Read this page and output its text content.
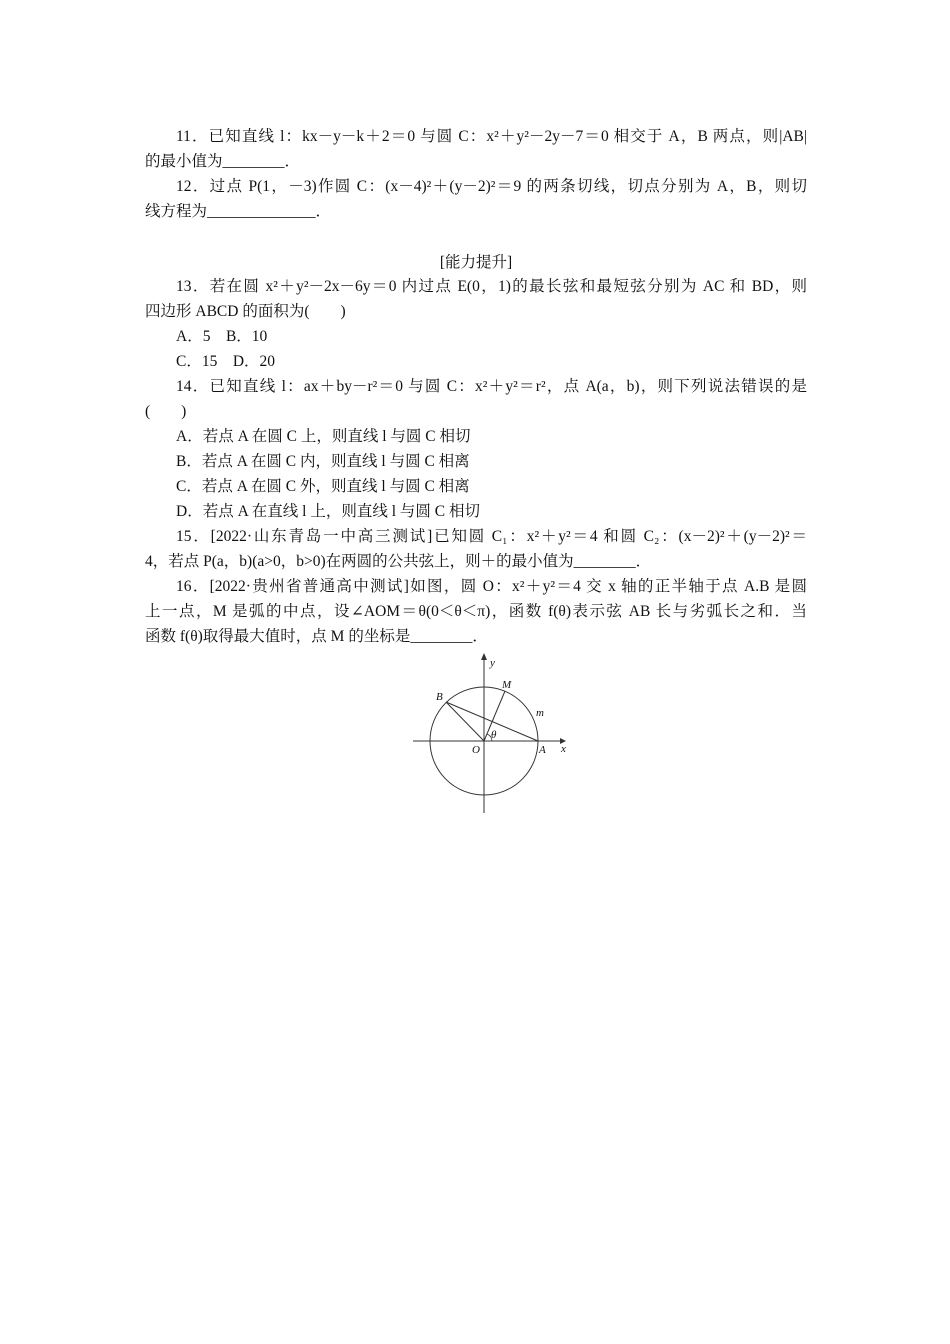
11．已知直线 l：kx－y－k＋2＝0 与圆 C：x²＋y²－2y－7＝0 相交于 A，B 两点，则|AB|
的最小值为________．
12．过点 P(1，－3)作圆 C：(x－4)²＋(y－2)²＝9 的两条切线，切点分别为 A，B，则切
线方程为______________．
[能力提升]
13．若在圆 x²＋y²－2x－6y＝0 内过点 E(0，1)的最长弦和最短弦分别为 AC 和 BD，则
四边形 ABCD 的面积为(　　)
A．5　B．10
C．15　D．20
14．已知直线 l：ax＋by－r²＝0 与圆 C：x²＋y²＝r²，点 A(a，b)，则下列说法错误的是
(　　)
A．若点 A 在圆 C 上，则直线 l 与圆 C 相切
B．若点 A 在圆 C 内，则直线 l 与圆 C 相离
C．若点 A 在圆 C 外，则直线 l 与圆 C 相离
D．若点 A 在直线 l 上，则直线 l 与圆 C 相切
15．[2022·山东青岛一中高三测试]已知圆 C₁：x²＋y²＝4 和圆 C₂：(x－2)²＋(y－2)²＝
4，若点 P(a，b)(a>0，b>0)在两圆的公共弦上，则＋的最小值为________．
16．[2022·贵州省普通高中测试]如图，圆 O：x²＋y²＝4 交 x 轴的正半轴于点 A.B 是圆
上一点，M 是弧的中点，设∠AOM＝θ(0＜θ＜π)，函数 f(θ)表示弦 AB 长与劣弧长之和．当
函数 f(θ)取得最大值时，点 M 的坐标是________．
y
x
O	A
B
M
m
θ
